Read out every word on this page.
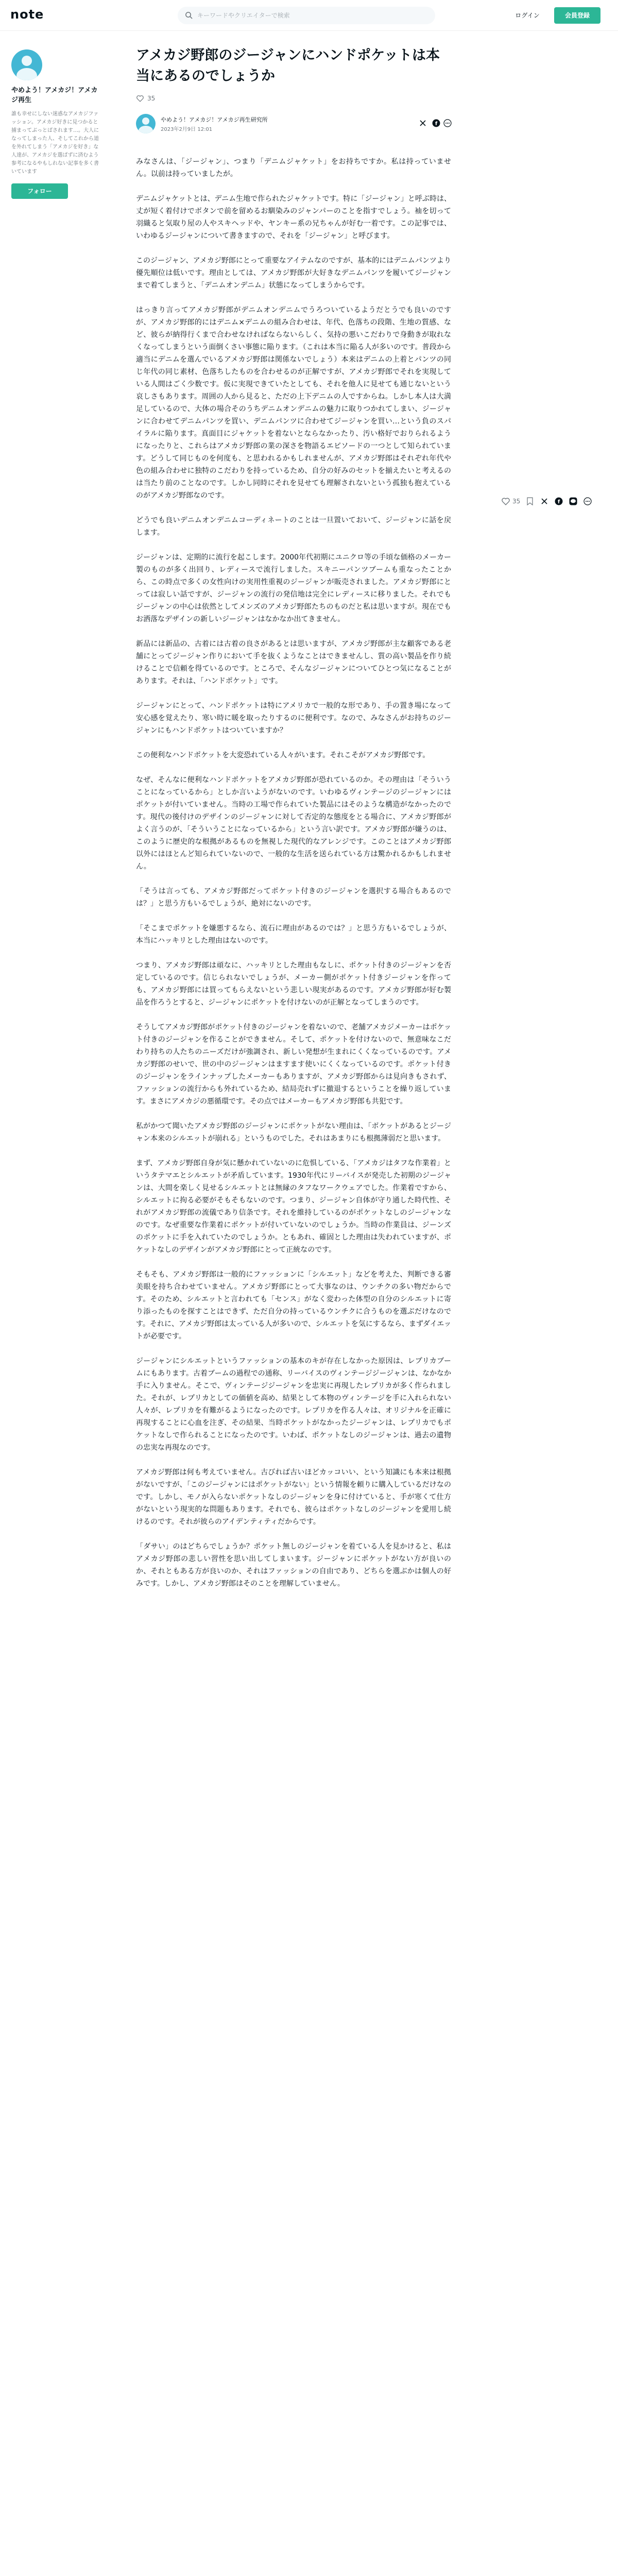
note
キーワードやクリエイターで検索	ログイン	会員登録
やめよう！アメカジ！アメカジ再生
誰も幸せにしない迷惑なアメカジファッション。アメカジ好きに見つかると捕まってぶっとばされます…。大人になってしまった人、そしてこれから道を外れてしまう「アメカジを好き」な人達が、アメカジを選ばずに済むよう参考になるやもしれない記事を多く書いています
フォロー
アメカジ野郎のジージャンにハンドポケットは本当にあるのでしょうか
35
やめよう！アメカジ！アメカジ再生研究所
2023年2月9日 12:01
f

みなさんは、「ジージャン」、つまり「デニムジャケット」をお持ちですか。私は持っていません。以前は持っていましたが。

デニムジャケットとは、デニム生地で作られたジャケットです。特に「ジージャン」と呼ぶ時は、丈が短く着付けでボタンで前を留めるお馴染みのジャンパーのことを指すでしょう。袖を切って羽織ると気取り屋の人やスキヘッドや、ヤンキー系の兄ちゃんが好む一着です。この記事では、いわゆるジージャンについて書きますので、それを「ジージャン」と呼びます。

このジージャン、アメカジ野郎にとって重要なアイテムなのですが、基本的にはデニムパンツより優先順位は低いです。理由としては、アメカジ野郎が大好きなデニムパンツを履いてジージャンまで着てしまうと、「デニムオンデニム」状態になってしまうからです。

はっきり言ってアメカジ野郎がデニムオンデニムでうろついているようだとうでも良いのですが、アメカジ野郎的にはデニム×デニムの組み合わせは、年代、色落ちの段階、生地の質感、など、彼らが納得行くまで合わせなければならないらしく、気持の悪いこだわりで身動きが取れなくなってしまうという面倒くさい事態に陥ります。（これは本当に陥る人が多いのです。普段から適当にデニムを選んでいるアメカジ野郎は関係ないでしょう）本来はデニムの上着とパンツの同じ年代の同じ素材、色落ちしたものを合わせるのが正解ですが、アメカジ野郎でそれを実現している人間はごく少数です。仮に実現できていたとしても、それを他人に見せても通じないという哀しさもあります。周囲の人から見ると、ただの上下デニムの人ですからね。しかし本人は大満足しているので、大体の場合そのうちデニムオンデニムの魅力に取りつかれてしまい、ジージャンに合わせてデニムパンツを買い、デニムパンツに合わせてジージャンを買い…という負のスパイラルに陥ります。真面目にジャケットを着ないとならなかったり、汚い格好でおりられるようになったりと、これらはアメカジ野郎の業の深さを物語るエピソードの一つとして知られています。どうして同じものを何度も、と思われるかもしれませんが、アメカジ野郎はそれぞれ年代や色の組み合わせに独特のこだわりを持っているため、自分の好みのセットを揃えたいと考えるのは当たり前のことなのです。しかし同時にそれを見せても理解されないという孤独も抱えているのがアメカジ野郎なのです。

どうでも良いデニムオンデニムコーディネートのことは一旦置いておいて、ジージャンに話を戻します。

ジージャンは、定期的に流行を起こします。2000年代初期にユニクロ等の手頃な価格のメーカー製のものが多く出回り、レディースで流行しました。スキニーパンツブームも重なったことから、この時点で多くの女性向けの実用性重視のジージャンが販売されました。アメカジ野郎にとっては寂しい話ですが、ジージャンの流行の発信地は完全にレディースに移りました。それでもジージャンの中心は依然としてメンズのアメカジ野郎たちのものだと私は思いますが。現在でもお洒落なデザインの新しいジージャンはなかなか出てきません。

新品には新品の、古着には古着の良さがあるとは思いますが、アメカジ野郎が主な顧客である老舗にとってジージャン作りにおいて手を抜くようなことはできませんし、質の高い製品を作り続けることで信頼を得ているのです。ところで、そんなジージャンについてひとつ気になることがあります。それは、「ハンドポケット」です。

ジージャンにとって、ハンドポケットは特にアメリカで一般的な形であり、手の置き場になって安心感を覚えたり、寒い時に暖を取ったりするのに便利です。なので、みなさんがお持ちのジージャンにもハンドポケットはついていますか？

この便利なハンドポケットを大変恐れている人々がいます。それこそがアメカジ野郎です。

なぜ、そんなに便利なハンドポケットをアメカジ野郎が恐れているのか。その理由は「そういうことになっているから」としか言いようがないのです。いわゆるヴィンテージのジージャンにはポケットが付いていません。当時の工場で作られていた製品にはそのような構造がなかったのです。現代の後付けのデザインのジージャンに対して否定的な態度をとる場合に、アメカジ野郎がよく言うのが、「そういうことになっているから」という言い訳です。アメカジ野郎が嫌うのは、このように歴史的な根拠があるものを無視した現代的なアレンジです。このことはアメカジ野郎以外にはほとんど知られていないので、一般的な生活を送られている方は驚かれるかもしれません。

「そうは言っても、アメカジ野郎だってポケット付きのジージャンを選択する場合もあるのでは？」と思う方もいるでしょうが、絶対にないのです。

「そこまでポケットを嫌悪するなら、流石に理由があるのでは？」と思う方もいるでしょうが、本当にハッキリとした理由はないのです。

つまり、アメカジ野郎は頑なに、ハッキリとした理由もなしに、ポケット付きのジージャンを否定しているのです。信じられないでしょうが、メーカー側がポケット付きジージャンを作っても、アメカジ野郎には買ってもらえないという悲しい現実があるのです。アメカジ野郎が好む製品を作ろうとすると、ジージャンにポケットを付けないのが正解となってしまうのです。

そうしてアメカジ野郎がポケット付きのジージャンを着ないので、老舗アメカジメーカーはポケット付きのジージャンを作ることができません。そして、ポケットを付けないので、無意味なこだわり持ちの人たちのニーズだけが強調され、新しい発想が生まれにくくなっているのです。アメカジ野郎のせいで、世の中のジージャンはますます使いにくくなっているのです。ポケット付きのジージャンをラインナップしたメーカーもありますが、アメカジ野郎からは見向きもされず、ファッションの流行からも外れているため、結局売れずに撤退するということを繰り返しています。まさにアメカジの悪循環です。その点ではメーカーもアメカジ野郎も共犯です。

私がかつて聞いたアメカジ野郎のジージャンにポケットがない理由は、「ボケットがあるとジージャン本来のシルエットが崩れる」というものでした。それはあまりにも根拠薄弱だと思います。

まず、アメカジ野郎自身が気に懸かれていないのに危惧している、「アメカジはタフな作業着」というタテマエとシルエットが矛盾しています。1930年代にリーバイスが発売した初期のジージャンは、大間を楽しく見せるシルエットとは無縁のタフなワークウェアでした。作業着ですから、シルエットに拘る必要がそもそもないのです。つまり、ジージャン自体が守り通した時代性、それがアメカジ野郎の流儀であり信条です。それを維持しているのがポケットなしのジージャンなのです。なぜ重要な作業着にポケットが付いていないのでしょうか。当時の作業員は、ジーンズのポケットに手を入れていたのでしょうか。ともあれ、確固とした理由は失われていますが、ポケットなしのデザインがアメカジ野郎にとって正統なのです。

そもそも、アメカジ野郎は一般的にファッションに「シルエット」などを考えた、判断できる審美眼を持ち合わせていません。アメカジ野郎にとって大事なのは、ウンチクの多い物だからです。そのため、シルエットと言われても「センス」がなく変わった体型の自分のシルエットに寄り添ったものを探すことはできず、ただ自分の持っているウンチクに合うものを選ぶだけなのです。それに、アメカジ野郎は太っている人が多いので、シルエットを気にするなら、まずダイエットが必要です。

ジージャンにシルエットというファッションの基本のキが存在しなかった原因は、レプリカブームにもあります。古着ブームの過程での通称、リーバイスのヴィンテージジージャンは、なかなか手に入りません。そこで、ヴィンテージジージャンを忠実に再現したレプリカが多く作られました。それが、レプリカとしての価値を高め、結果として本物のヴィンテージを手に入れられない人々が、レプリカを有難がるようになったのです。レプリカを作る人々は、オリジナルを正確に再現することに心血を注ぎ、その結果、当時ポケットがなかったジージャンは、レプリカでもポケットなしで作られることになったのです。いわば、ポケットなしのジージャンは、過去の遺物の忠実な再現なのです。

アメカジ野郎は何も考えていません。古びれば古いほどカッコいい、という知識にも本来は根拠がないですが、「このジージャンにはポケットがない」という情報を頼りに購入しているだけなのです。しかし、モノが入らないポケットなしのジージャンを身に付けていると、手が寒くて仕方がないという現実的な問題もあります。それでも、彼らはポケットなしのジージャンを愛用し続けるのです。それが彼らのアイデンティティだからです。

「ダサい」のはどちらでしょうか？ポケット無しのジージャンを着ている人を見かけると、私はアメカジ野郎の悲しい習性を思い出してしまいます。ジージャンにポケットがない方が良いのか、それともある方が良いのか、それはファッションの自由であり、どちらを選ぶかは個人の好みです。しかし、アメカジ野郎はそのことを理解していません。

35	f
